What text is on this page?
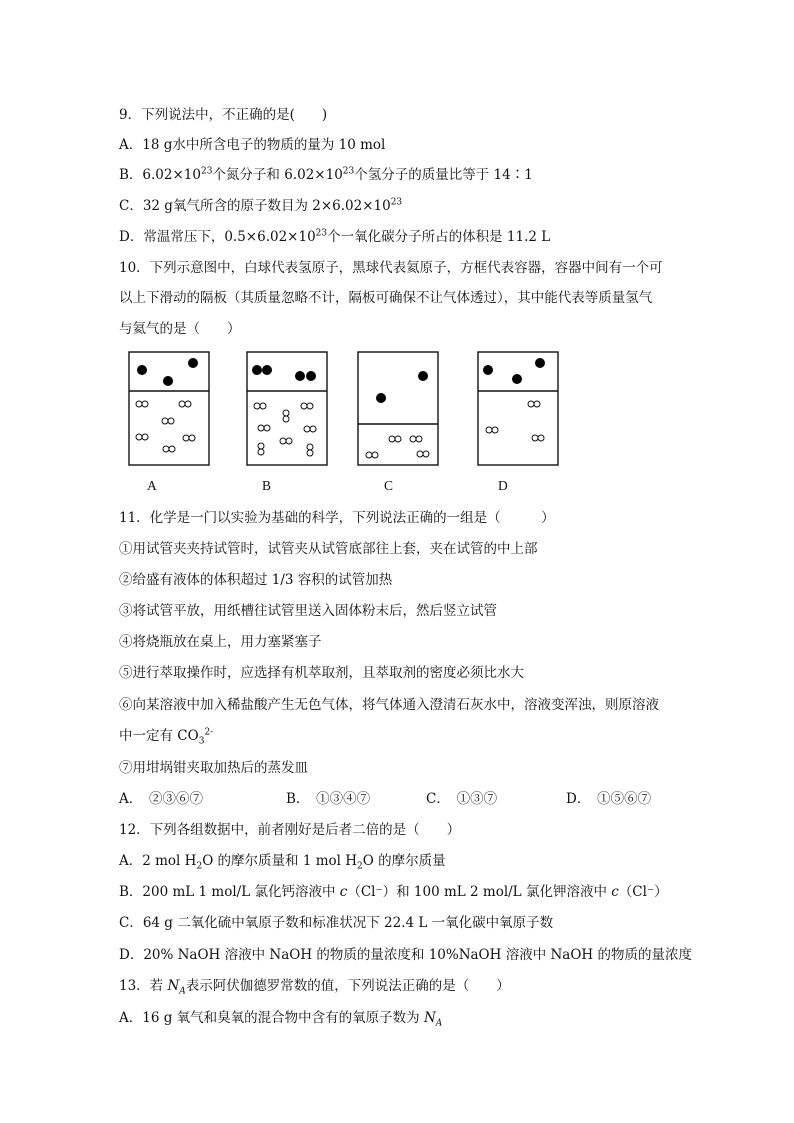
9．下列说法中，不正确的是(　　)
A．18 g水中所含电子的物质的量为 10 mol
B．$6.02\times 10^{23}$个氮分子和 $6.02\times 10^{23}$个氢分子的质量比等于 14∶1
C．32 g氧气所含的原子数目为 $2\times 6.02\times 10^{23}$
D．常温常压下，$0.5\times 6.02\times 10^{23}$个一氧化碳分子所占的体积是 11.2 L
10．下列示意图中，白球代表氢原子，黑球代表氦原子，方框代表容器，容器中间有一个可
以上下滑动的隔板（其质量忽略不计，隔板可确保不让气体透过），其中能代表等质量氢气
与氦气的是（　　）
A	B	C	D
11．化学是一门以实验为基础的科学，下列说法正确的一组是（　　　）
①用试管夹夹持试管时，试管夹从试管底部往上套，夹在试管的中上部
②给盛有液体的体积超过 1/3 容积的试管加热
③将试管平放，用纸槽往试管里送入固体粉末后，然后竖立试管
④将烧瓶放在桌上，用力塞紧塞子
⑤进行萃取操作时，应选择有机萃取剂，且萃取剂的密度必须比水大
⑥向某溶液中加入稀盐酸产生无色气体，将气体通入澄清石灰水中，溶液变浑浊，则原溶液
中一定有 $CO_3^{2-}$
⑦用坩埚钳夹取加热后的蒸发皿
A．　②③⑥⑦	B．　①③④⑦	C．　①③⑦	D．　①⑤⑥⑦
12．下列各组数据中，前者刚好是后者二倍的是（　　）
A．2 mol $H_2O$ 的摩尔质量和 1 mol $H_2O$ 的摩尔质量
B．200 mL 1 mol/L 氯化钙溶液中 c（Cl⁻）和 100 mL 2 mol/L 氯化钾溶液中 c（Cl⁻）
C．64 g 二氧化硫中氧原子数和标准状况下 22.4 L 一氧化碳中氧原子数
D．20% NaOH 溶液中 NaOH 的物质的量浓度和 10%NaOH 溶液中 NaOH 的物质的量浓度
13．若 $N_A$表示阿伏伽德罗常数的值，下列说法正确的是（　　）
A．16 g 氧气和臭氧的混合物中含有的氧原子数为 $N_A$
